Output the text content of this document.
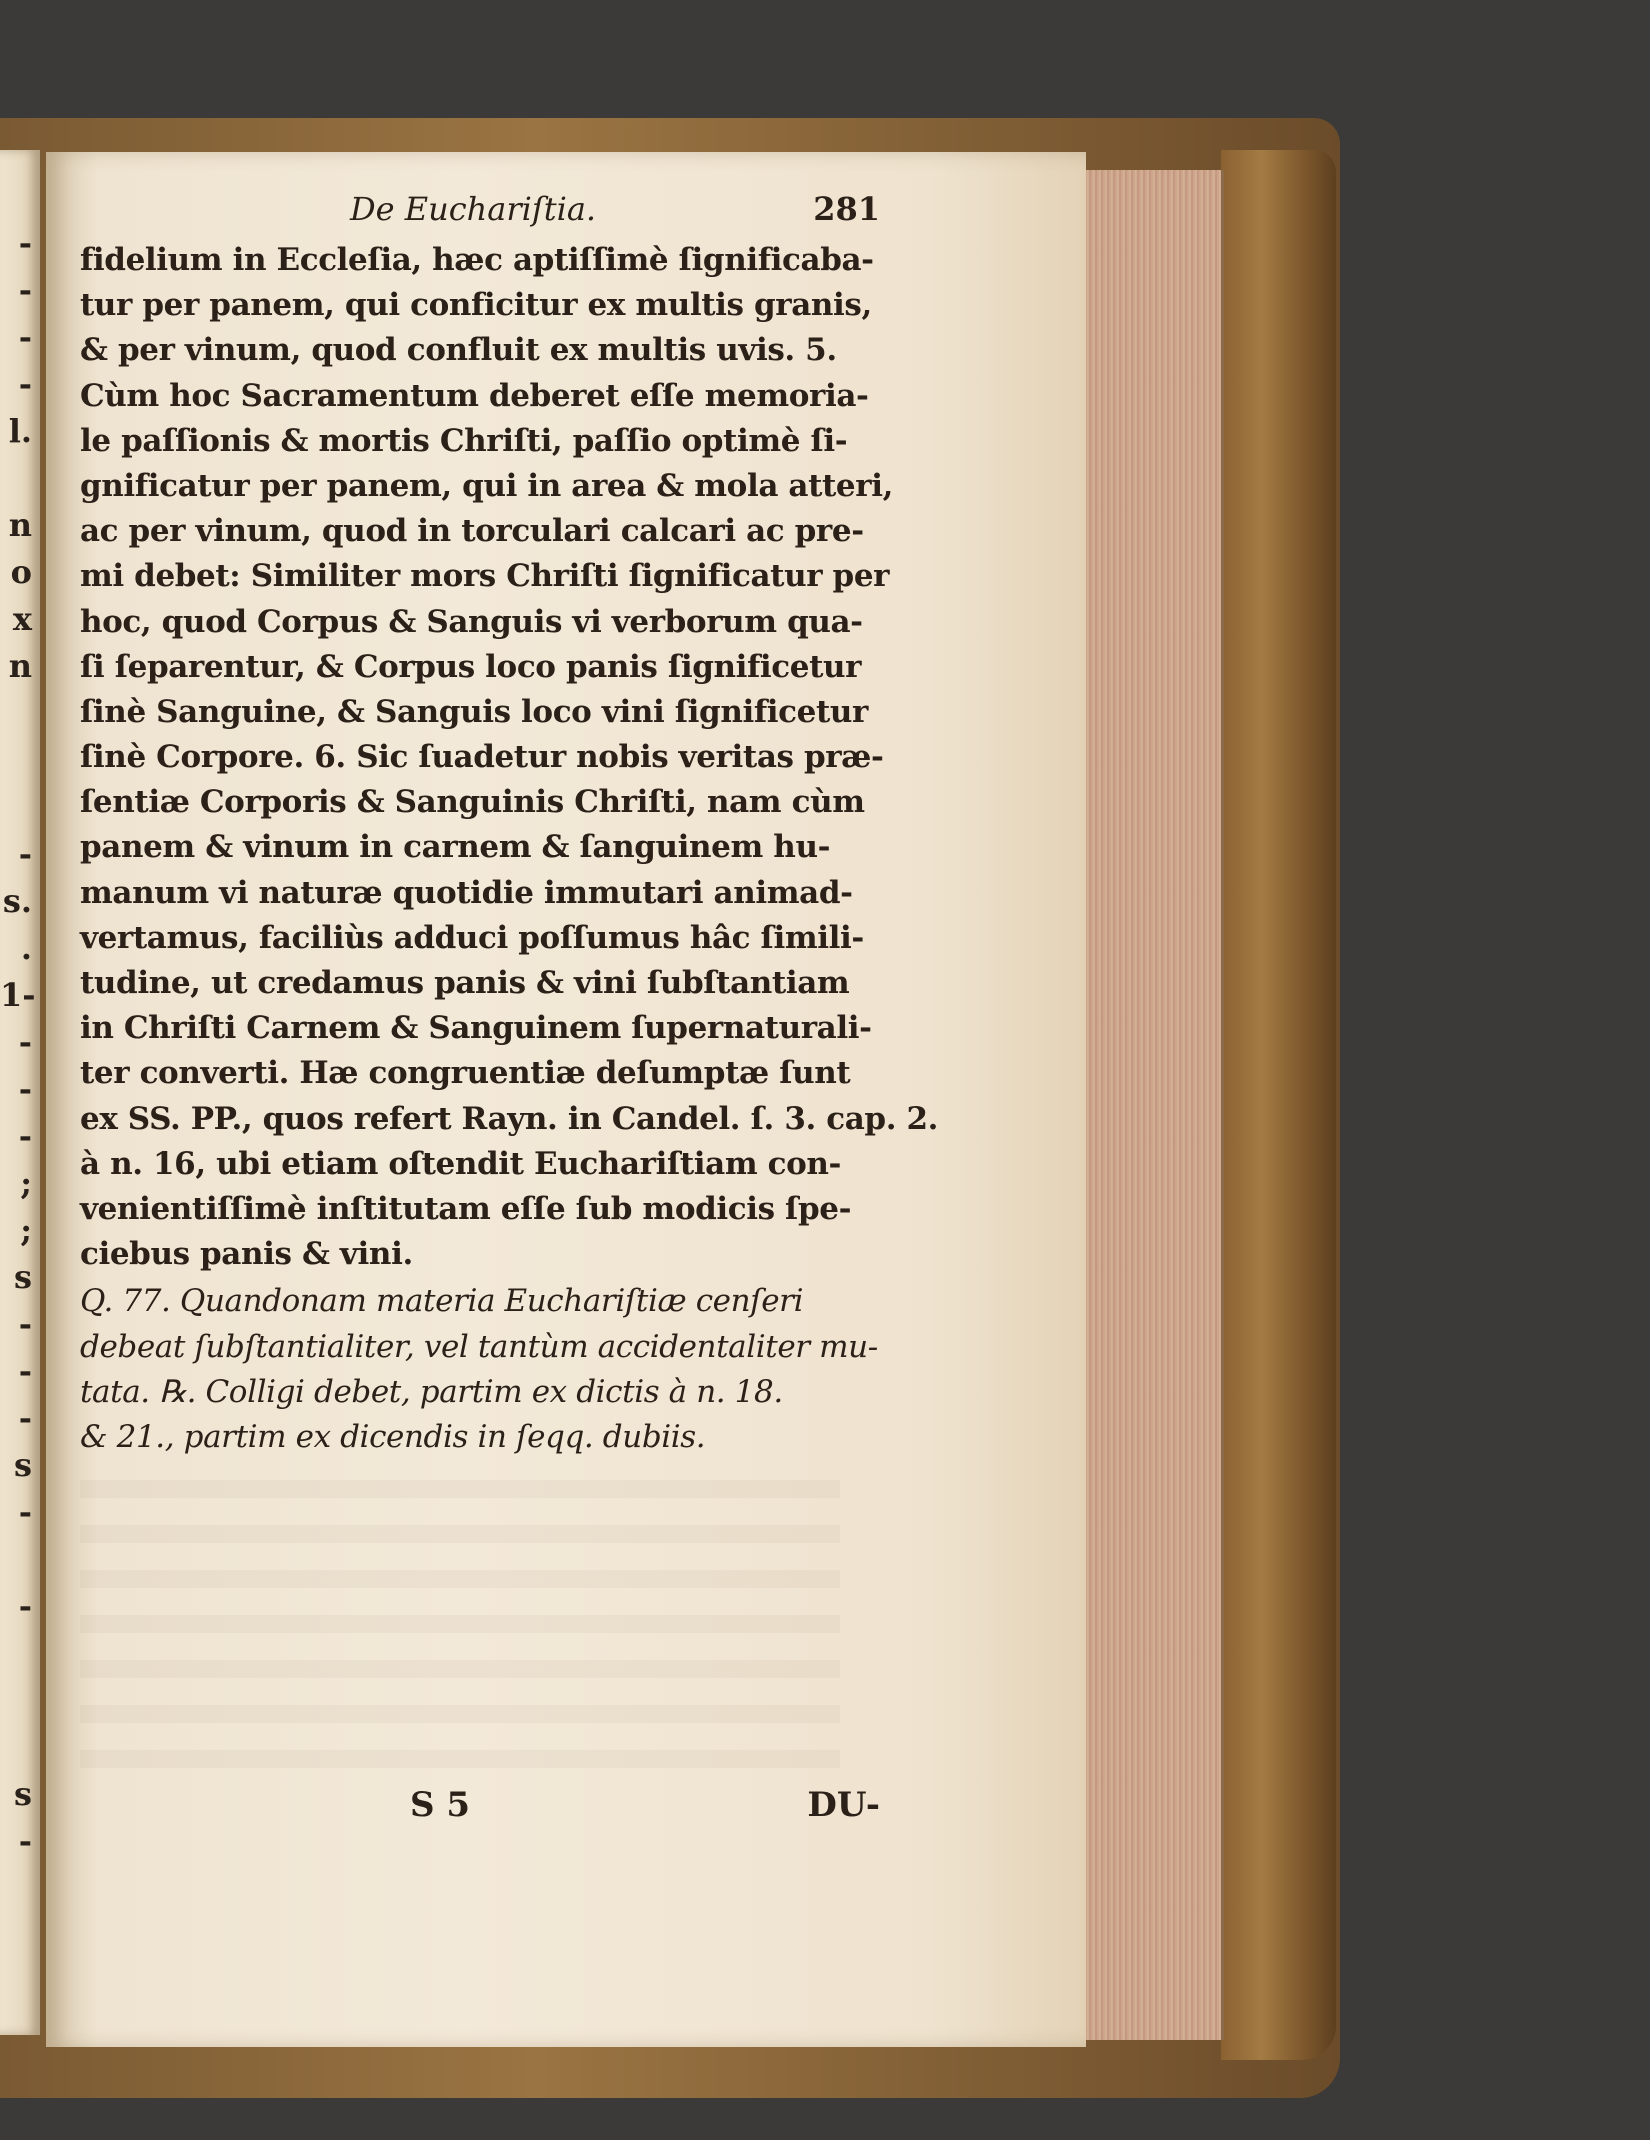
-
-
-
-
l.
n
o
x
n
-
s.
.
1-
-
-
-
;
;
s
-
-
-
s
-
-
s
-
De Euchariſtia.	281
fidelium in Eccleſia, hæc aptiſſimè ſignificaba-
tur per panem, qui conficitur ex multis granis,
& per vinum, quod confluit ex multis uvis. 5.
Cùm hoc Sacramentum deberet eſſe memoria-
le paſſionis & mortis Chriſti, paſſio optimè ſi-
gnificatur per panem, qui in area & mola atteri,
ac per vinum, quod in torculari calcari ac pre-
mi debet: Similiter mors Chriſti ſignificatur per
hoc, quod Corpus & Sanguis vi verborum qua-
ſi ſeparentur, & Corpus loco panis ſignificetur
ſinè Sanguine, & Sanguis loco vini ſignificetur
ſinè Corpore. 6. Sic ſuadetur nobis veritas præ-
ſentiæ Corporis & Sanguinis Chriſti, nam cùm
panem & vinum in carnem & ſanguinem hu-
manum vi naturæ quotidie immutari animad-
vertamus, faciliùs adduci poſſumus hâc ſimili-
tudine, ut credamus panis & vini ſubſtantiam
in Chriſti Carnem & Sanguinem ſupernaturali-
ter converti. Hæ congruentiæ deſumptæ ſunt
ex SS. PP., quos refert Rayn. in Candel. ſ. 3. cap. 2.
à n. 16, ubi etiam oſtendit Euchariſtiam con-
venientiſſimè inſtitutam eſſe ſub modicis ſpe-
ciebus panis & vini.
Q. 77. Quandonam materia Euchariſtiæ cenſeri
debeat ſubſtantialiter, vel tantùm accidentaliter mu-
tata. ℞. Colligi debet, partim ex dictis à n. 18.
& 21., partim ex dicendis in ſeqq. dubiis.
S 5	DU-
